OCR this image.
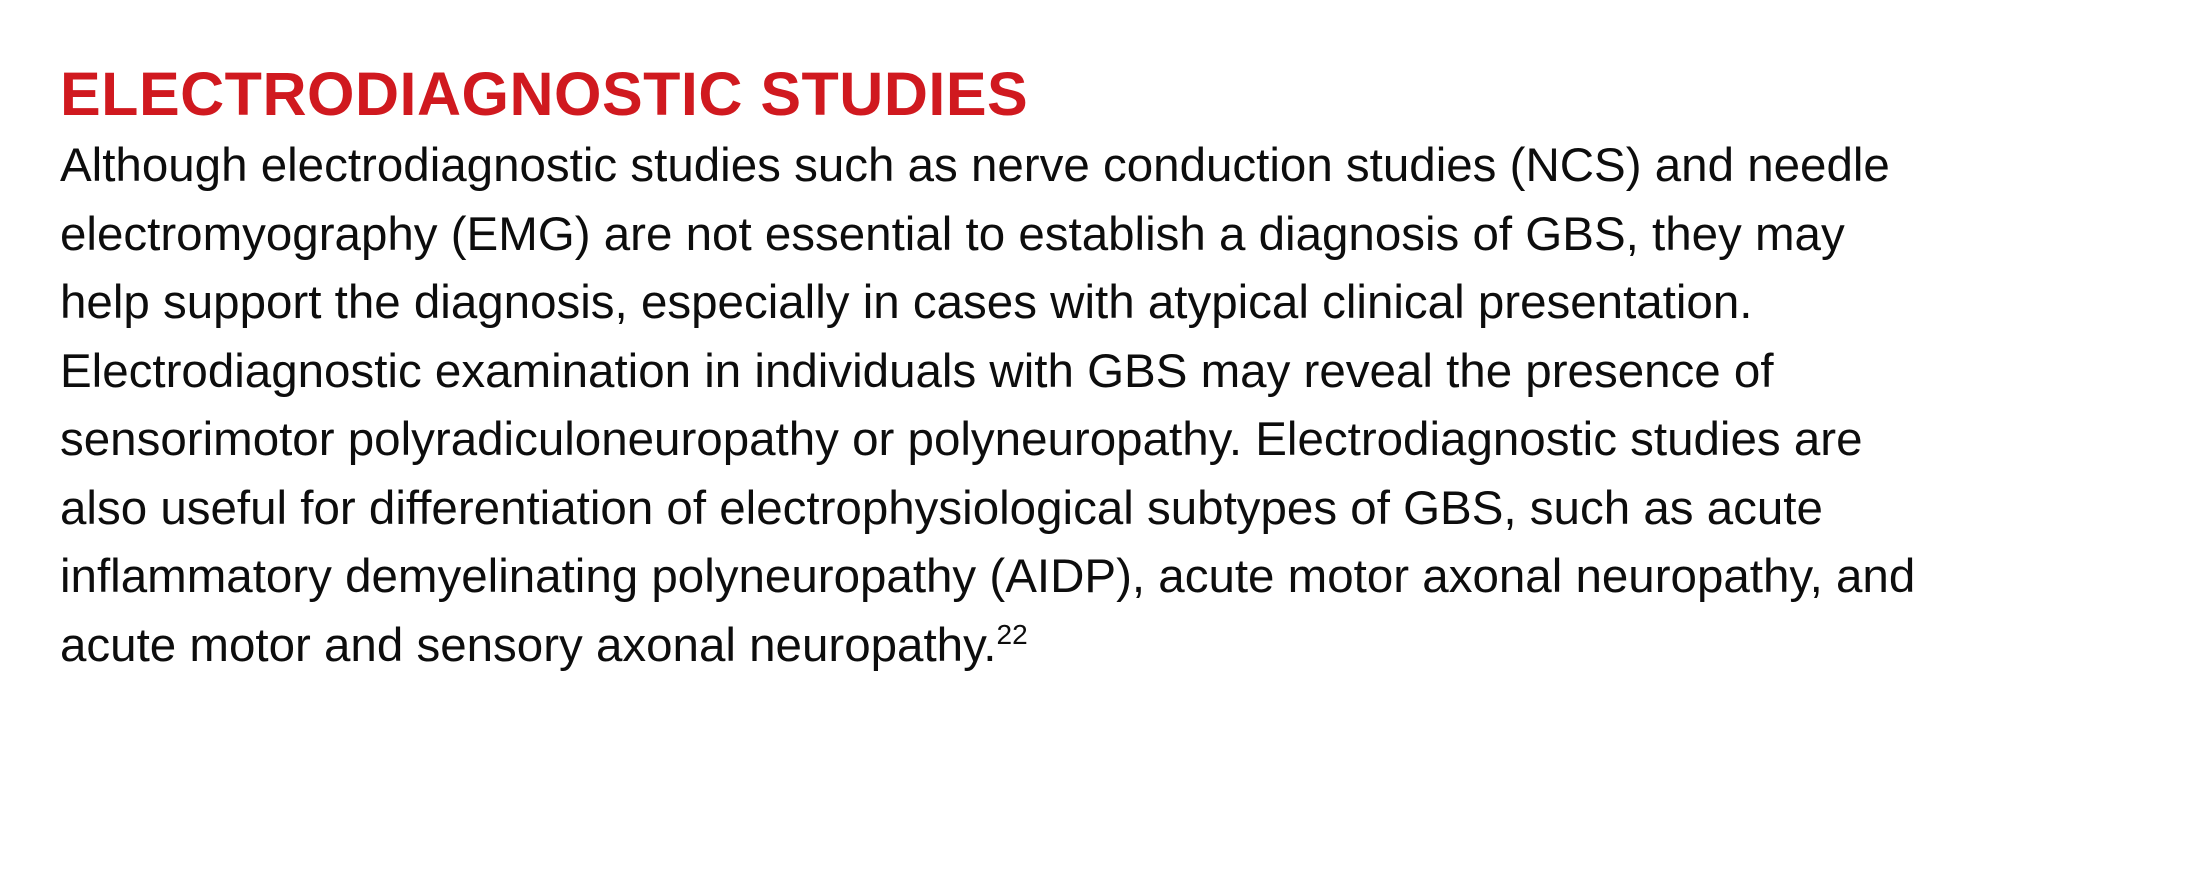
ELECTRODIAGNOSTIC STUDIES

Although electrodiagnostic studies such as nerve conduction studies (NCS) and needle
electromyography (EMG) are not essential to establish a diagnosis of GBS, they may
help support the diagnosis, especially in cases with atypical clinical presentation.
Electrodiagnostic examination in individuals with GBS may reveal the presence of
sensorimotor polyradiculoneuropathy or polyneuropathy. Electrodiagnostic studies are
also useful for differentiation of electrophysiological subtypes of GBS, such as acute
inflammatory demyelinating polyneuropathy (AIDP), acute motor axonal neuropathy, and
acute motor and sensory axonal neuropathy.$^{22}$
